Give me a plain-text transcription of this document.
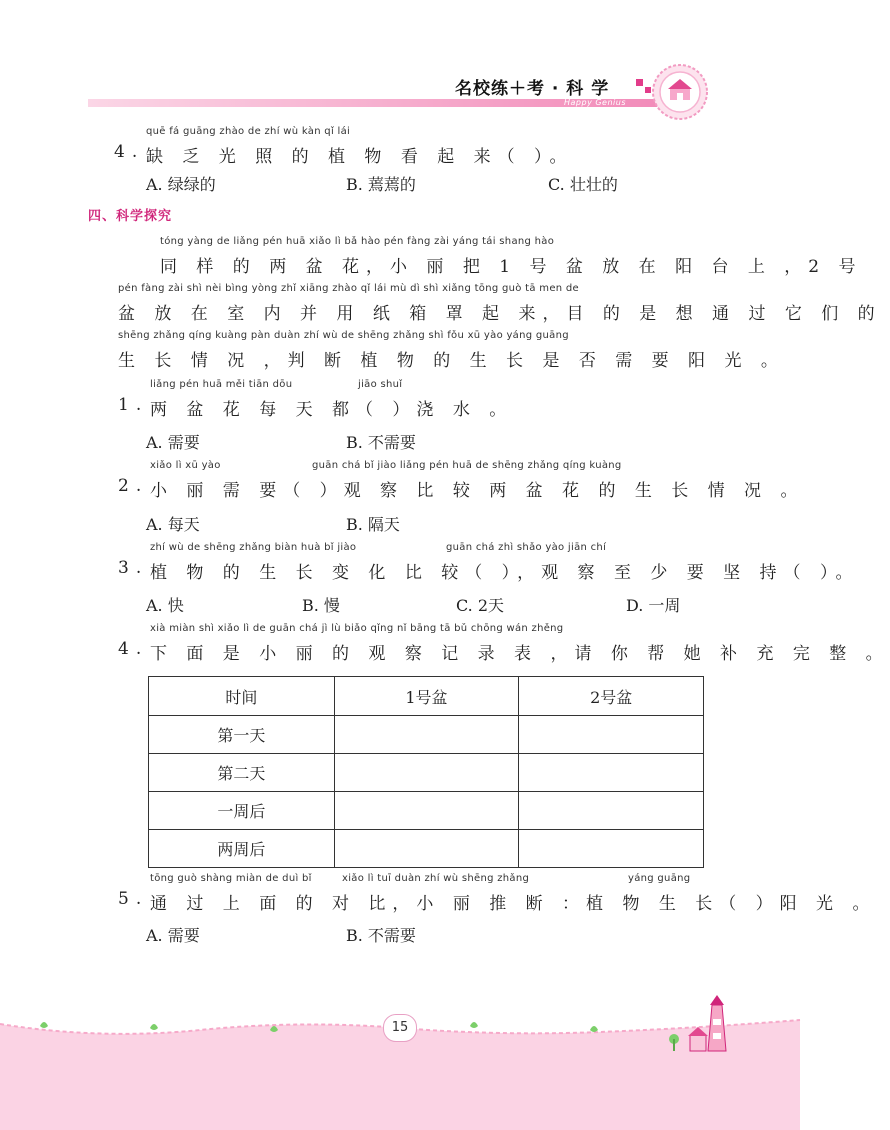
名校练＋考 · 科 学
Happy Genius
4.
quē fá guāng zhào de zhí wù kàn qǐ lái
缺 乏 光 照 的 植 物 看 起 来（ ）。
A. 绿绿的	B. 蔫蔫的	C. 壮壮的
四、科学探究
tóng yàng de liǎng pén huā xiǎo lì bǎ hào pén fàng zài yáng tái shang hào
同 样 的 两 盆 花，小 丽 把 1 号 盆 放 在 阳 台 上 ，2 号
pén fàng zài shì nèi bìng yòng zhǐ xiāng zhào qǐ lái mù dì shì xiǎng tōng guò tā men de
盆 放 在 室 内 并 用 纸 箱 罩 起 来，目 的 是 想 通 过 它 们 的
shēng zhǎng qíng kuàng pàn duàn zhí wù de shēng zhǎng shì fǒu xū yào yáng guāng
生 长 情 况 ，判 断 植 物 的 生 长 是 否 需 要 阳 光 。
1.
liǎng pén huā měi tiān dōu	jiāo shuǐ
两 盆 花 每 天 都（ ）浇 水 。
A. 需要	B. 不需要
2.
xiǎo lì xū yào	guān chá bǐ jiào liǎng pén huā de shēng zhǎng qíng kuàng
小 丽 需 要（ ）观 察 比 较 两 盆 花 的 生 长 情 况 。
A. 每天	B. 隔天
3.
zhí wù de shēng zhǎng biàn huà bǐ jiào	guān chá zhì shǎo yào jiān chí
植 物 的 生 长 变 化 比 较（ ），观 察 至 少 要 坚 持（ ）。
A. 快	B. 慢	C. 2天	D. 一周
4.
xià miàn shì xiǎo lì de guān chá jì lù biǎo qǐng nǐ bāng tā bǔ chōng wán zhěng
下 面 是 小 丽 的 观 察 记 录 表 ，请 你 帮 她 补 充 完 整 。
时间	1号盆	2号盆
第一天		
第二天		
一周后		
两周后		
5.
tōng guò shàng miàn de duì bǐ	xiǎo lì tuī duàn zhí wù shēng zhǎng	yáng guāng
通 过 上 面 的 对 比，小 丽 推 断 ：植 物 生 长（ ）阳 光 。
A. 需要	B. 不需要
15
